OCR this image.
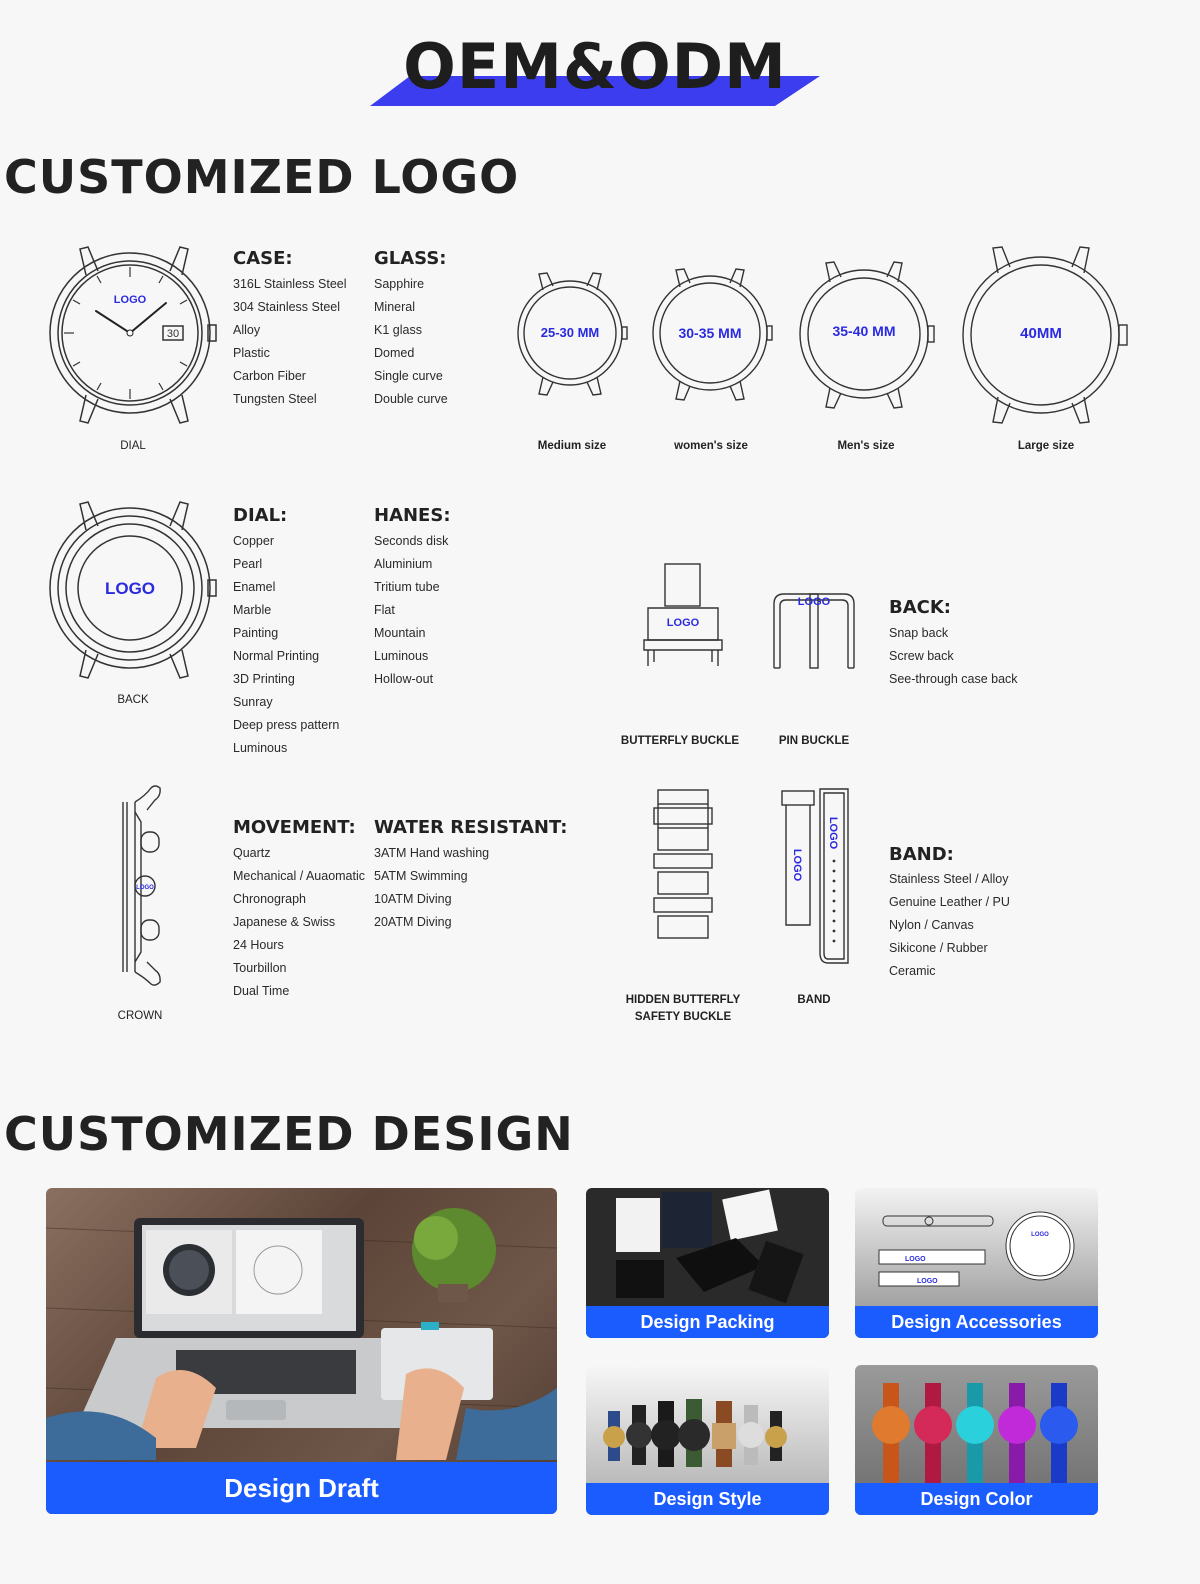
OEM&ODM
CUSTOMIZED LOGO
LOGO
30
DIAL
CASE:
316L Stainless Steel
304 Stainless Steel
Alloy
Plastic
Carbon Fiber
Tungsten Steel
GLASS:
Sapphire
Mineral
K1 glass
Domed
Single curve
Double curve
25-30 MM	30-35 MM	35-40 MM	40MM
Medium size	women's size	Men's size	Large size
LOGO
BACK
DIAL:
Copper
Pearl
Enamel
Marble
Painting
Normal Printing
3D Printing
Sunray
Deep press pattern
Luminous
HANES:
Seconds disk
Aluminium
Tritium tube
Flat
Mountain
Luminous
Hollow-out
LOGO
LOGO
BUTTERFLY BUCKLE	PIN BUCKLE
BACK:
Snap back
Screw back
See-through case back
LOGO
CROWN
MOVEMENT:
Quartz
Mechanical / Auaomatic
Chronograph
Japanese & Swiss
24 Hours
Tourbillon
Dual Time
WATER RESISTANT:
3ATM Hand washing
5ATM Swimming
10ATM Diving
20ATM Diving
LOGO
LOGO
HIDDEN BUTTERFLY
SAFETY BUCKLE
BAND
BAND:
Stainless Steel / Alloy
Genuine Leather / PU
Nylon / Canvas
Sikicone / Rubber
Ceramic
CUSTOMIZED DESIGN
Design Draft
Design Packing
LOGO
LOGO
LOGO
Design Accessories
Design Style	Design Color
